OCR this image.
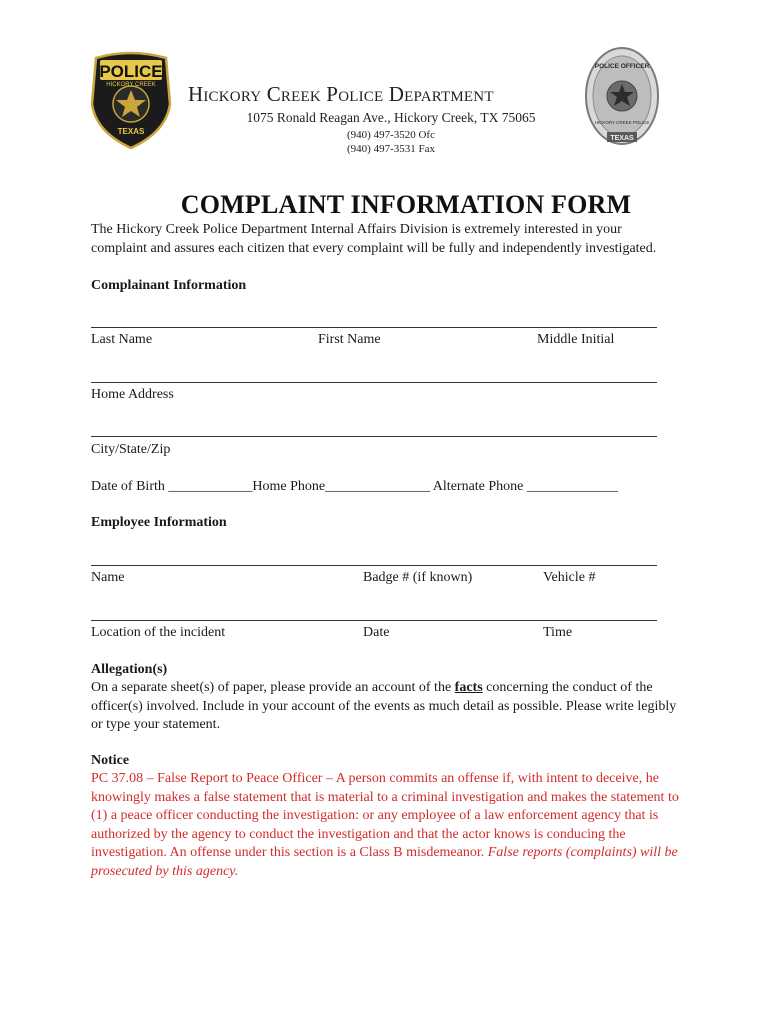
POLICE
HICKORY CREEK
TEXAS
POLICE OFFICER
HICKORY CREEK POLICE
TEXAS
Hickory Creek Police Department
1075 Ronald Reagan Ave., Hickory Creek, TX 75065
(940) 497-3520 Ofc
(940) 497-3531 Fax
COMPLAINT INFORMATION FORM
The Hickory Creek Police Department Internal Affairs Division is extremely interested in your complaint and assures each citizen that every complaint will be fully and independently investigated.
Complainant Information
Last Name	First Name	Middle Initial
Home Address
City/State/Zip
Date of Birth ____________Home Phone_______________ Alternate Phone _____________
Employee Information
Name	Badge # (if known)	Vehicle #
Location of the incident	Date	Time
Allegation(s)
On a separate sheet(s) of paper, please provide an account of the facts concerning the conduct of the officer(s) involved. Include in your account of the events as much detail as possible. Please write legibly or type your statement.
Notice
PC 37.08 – False Report to Peace Officer – A person commits an offense if, with intent to deceive, he knowingly makes a false statement that is material to a criminal investigation and makes the statement to (1) a peace officer conducting the investigation: or any employee of a law enforcement agency that is authorized by the agency to conduct the investigation and that the actor knows is conducing the investigation. An offense under this section is a Class B misdemeanor. False reports (complaints) will be prosecuted by this agency.
